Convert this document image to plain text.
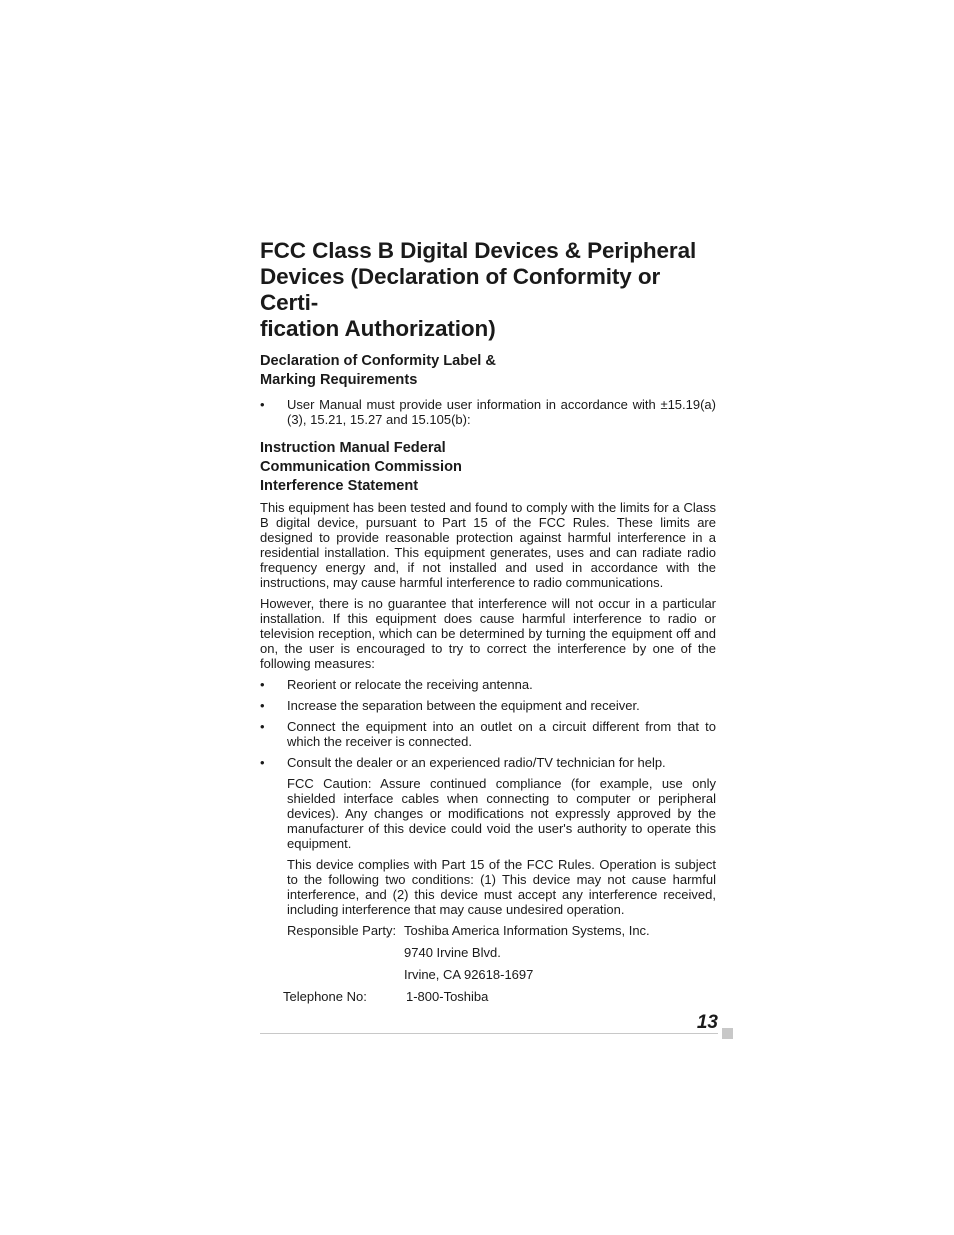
FCC Class B Digital Devices & Peripheral
Devices (Declaration of Conformity or Certi-
fication Authorization)
Declaration of Conformity Label &
Marking Requirements
• User Manual must provide user information in accordance with ±15.19(a)(3), 15.21, 15.27 and 15.105(b):
Instruction Manual Federal
Communication Commission
Interference Statement

This equipment has been tested and found to comply with the limits for a Class B digital device, pursuant to Part 15 of the FCC Rules. These limits are designed to provide reasonable protection against harmful interference in a residential installation. This equipment generates, uses and can radiate radio frequency energy and, if not installed and used in accordance with the instructions, may cause harmful interference to radio communications.

However, there is no guarantee that interference will not occur in a particular installation. If this equipment does cause harmful interference to radio or television reception, which can be determined by turning the equipment off and on, the user is encouraged to try to correct the interference by one of the following measures:

• Reorient or relocate the receiving antenna.
• Increase the separation between the equipment and receiver.
• Connect the equipment into an outlet on a circuit different from that to which the receiver is connected.
• Consult the dealer or an experienced radio/TV technician for help.

FCC Caution: Assure continued compliance (for example, use only shielded interface cables when connecting to computer or peripheral devices). Any changes or modifications not expressly approved by the manufacturer of this device could void the user's authority to operate this equipment.

This device complies with Part 15 of the FCC Rules. Operation is subject to the following two conditions: (1) This device may not cause harmful interference, and (2) this device must accept any interference received, including interference that may cause undesired operation.

Responsible Party: Toshiba America Information Systems, Inc.
9740 Irvine Blvd.
Irvine, CA 92618-1697
Telephone No:	1-800-Toshiba
13
